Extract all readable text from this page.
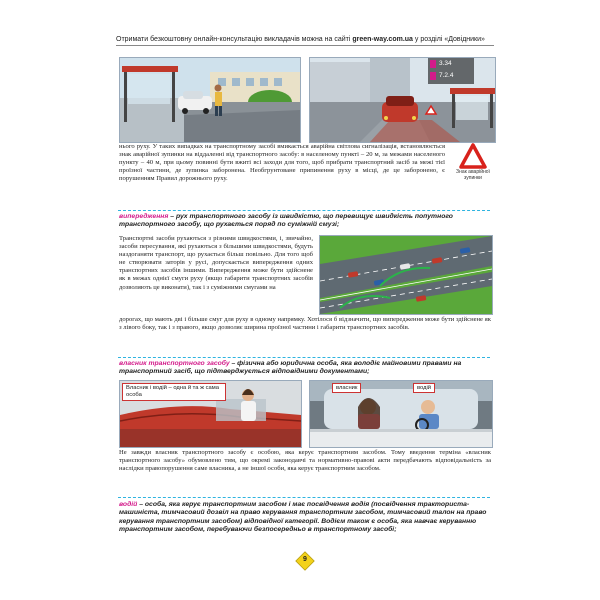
Отримати безкоштовну онлайн-консультацію викладачів можна на сайті green-way.com.ua у розділі «Довідники»
3.34
7.2.4
нього руху. У таких випадках на транспортному засобі вмикається аварійна світлова сигналізація, встановлюється знак аварійної зупинки на віддаленні від транспортного засобу: в населеному пункті – 20 м, за межами населеного пункту – 40 м, при цьому повинні бути вжиті всі заходи для того, щоб прибрати транспортний засіб за межі тієї проїзної частини, де зупинка заборонена. Необгрунтоване припинення руху в місці, де це заборонено, є порушенням Правил дорожнього руху.
Знак аварійної зупинки
випередження – рух транспортного засобу із швидкістю, що перевищує швидкість попутного транспортного засобу, що рухається поряд по суміжній смузі;
Транспортні засоби рухаються з різними швидкостями, і, звичайно, засоби пересування, які рухаються з більшими швидкостями, будуть наздоганяти транспорт, що рухається більш повільно. Для того щоб не створювати заторів у русі, допускається випередження одних транспортних засобів іншими. Випередження може бути здійснене як в межах однієї смуги руху (якщо габарити транспортних засобів дозволяють це виконати), так і з суміжними смугами на
дорогах, що мають дві і більше смуг для руху в одному напрямку. Хотілося б відзначити, що випередження може бути здійснене як з лівого боку, так і з правого, якщо дозволяє ширина проїзної частини і габарити транспортних засобів.
власник транспортного засобу – фізична або юридична особа, яка володіє майновими правами на транспортний засіб, що підтверджується відповідними документами;
Власник і водій – одна й та ж сама особа
власник	водій
Не завжди власник транспортного засобу є особою, яка керує транспортним засобом. Тому введення терміна «власник транспортного засобу» обумовлено тим, що окремі законодавчі та нормативно-правові акти передбачають відповідальність за наслідки правопорушення саме власника, а не іншої особи, яка керує транспортним засобом.
водій – особа, яка керує транспортним засобом і має посвідчення водія (посвідчення тракториста-машиніста, тимчасовий дозвіл на право керування транспортним засобом, тимчасовий талон на право керування транспортним засобом) відповідної категорії. Водієм також є особа, яка навчає керуванню транспортним засобом, перебуваючи безпосередньо в транспортному засобі;
9
